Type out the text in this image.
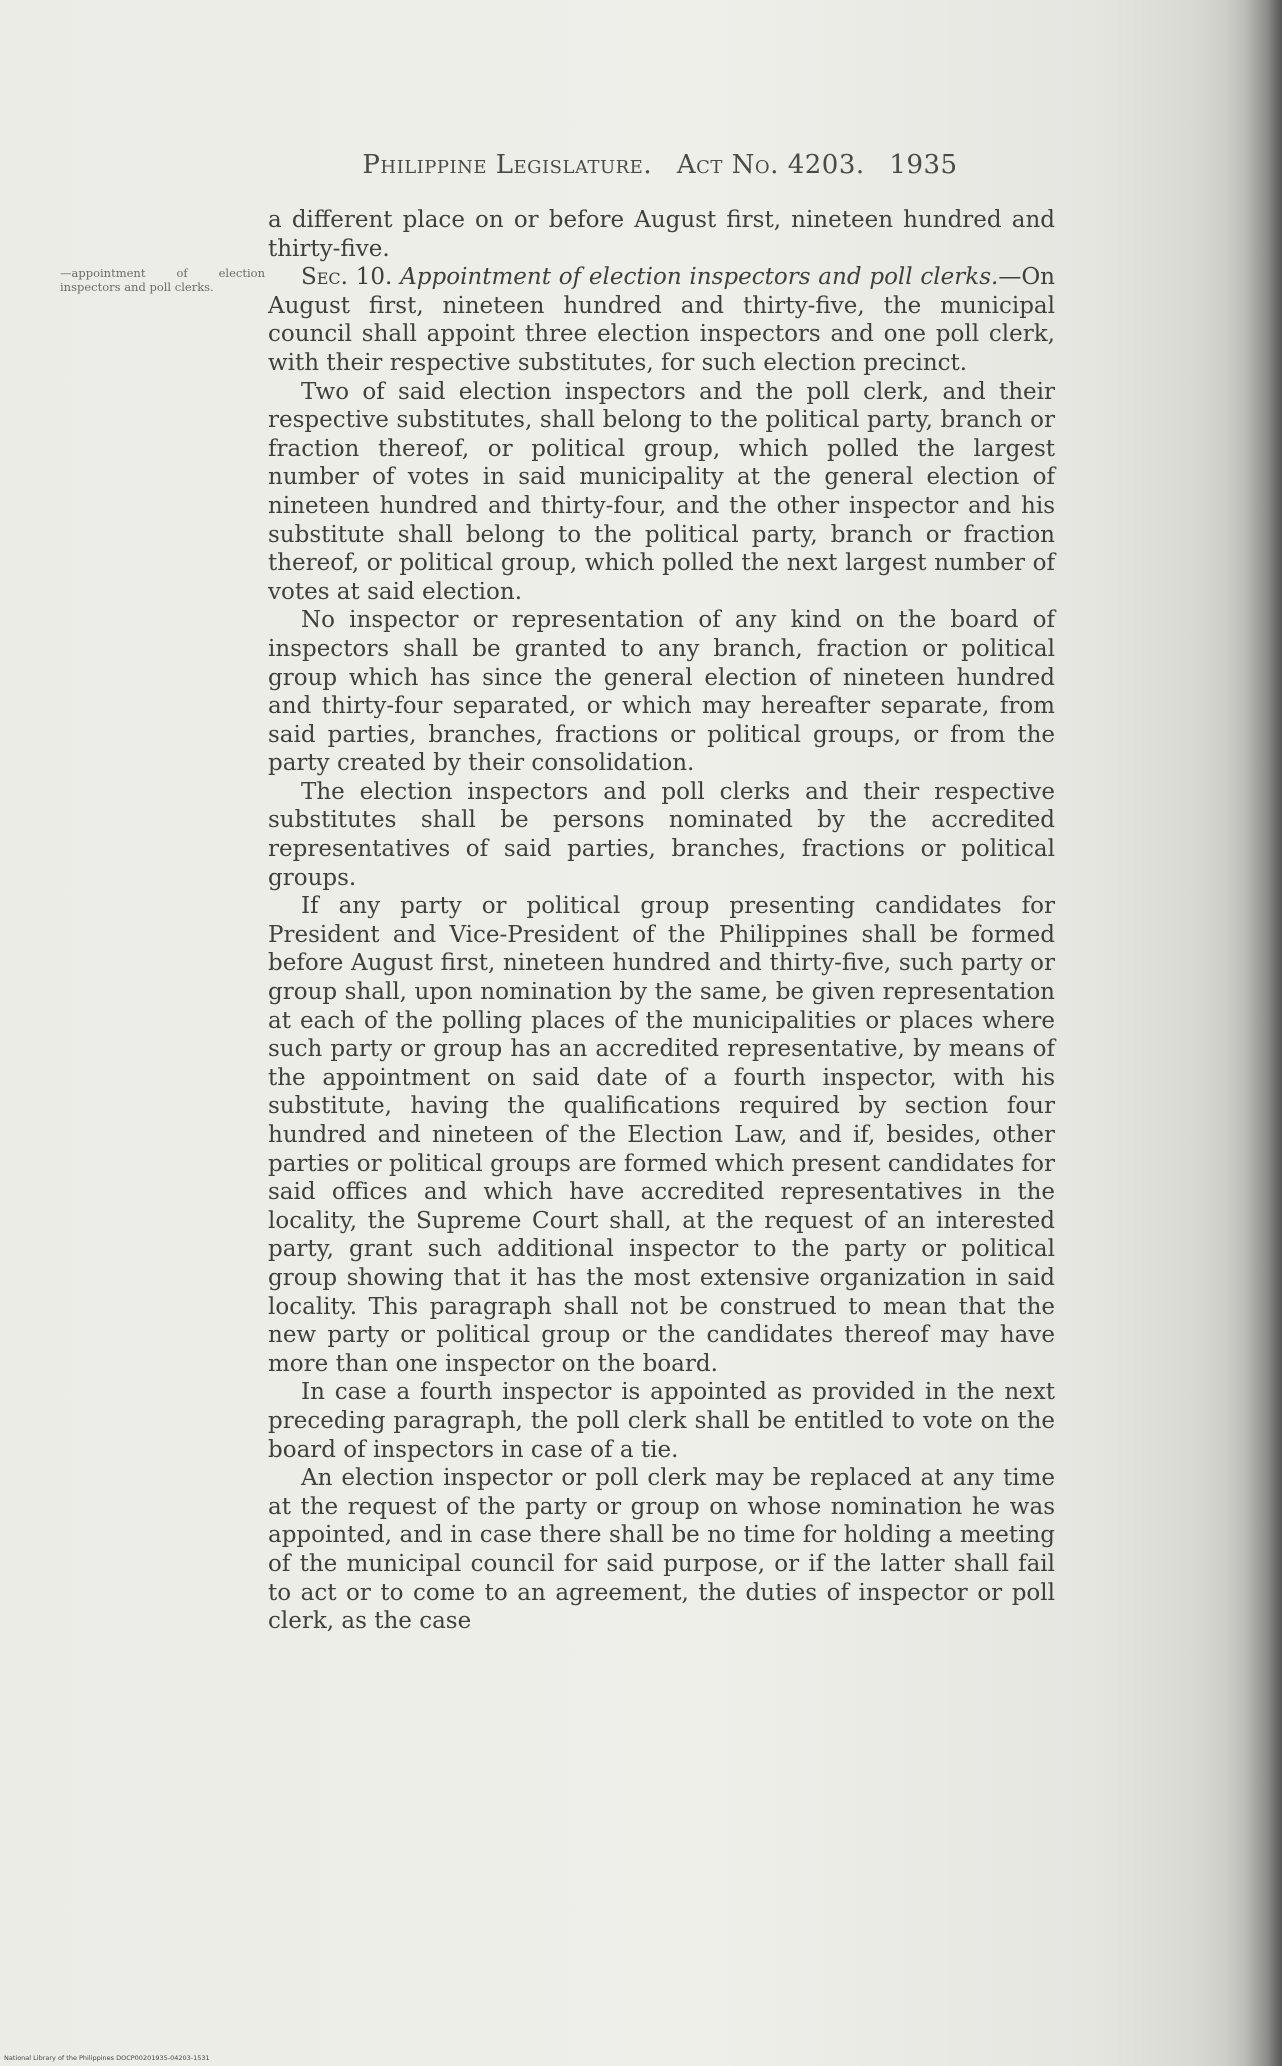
Philippine Legislature. Act No. 4203. 1935
—appointment of election inspectors and poll clerks.

a different place on or before August first, nineteen hundred and thirty-five.

Sec. 10. Appointment of election inspectors and poll clerks.—On August first, nineteen hundred and thirty-five, the municipal council shall appoint three election inspectors and one poll clerk, with their respective substitutes, for such election precinct.

Two of said election inspectors and the poll clerk, and their respective substitutes, shall belong to the political party, branch or fraction thereof, or political group, which polled the largest number of votes in said municipality at the general election of nineteen hundred and thirty-four, and the other inspector and his substitute shall belong to the political party, branch or fraction thereof, or political group, which polled the next largest number of votes at said election.

No inspector or representation of any kind on the board of inspectors shall be granted to any branch, fraction or political group which has since the general election of nineteen hundred and thirty-four separated, or which may hereafter separate, from said parties, branches, fractions or political groups, or from the party created by their consolidation.

The election inspectors and poll clerks and their respective substitutes shall be persons nominated by the accredited representatives of said parties, branches, fractions or political groups.

If any party or political group presenting candidates for President and Vice-President of the Philippines shall be formed before August first, nineteen hundred and thirty-five, such party or group shall, upon nomination by the same, be given representation at each of the polling places of the municipalities or places where such party or group has an accredited representative, by means of the appointment on said date of a fourth inspector, with his substitute, having the qualifications required by section four hundred and nineteen of the Election Law, and if, besides, other parties or political groups are formed which present candidates for said offices and which have accredited representatives in the locality, the Supreme Court shall, at the request of an interested party, grant such additional inspector to the party or political group showing that it has the most extensive organization in said locality. This paragraph shall not be construed to mean that the new party or political group or the candidates thereof may have more than one inspector on the board.

In case a fourth inspector is appointed as provided in the next preceding paragraph, the poll clerk shall be entitled to vote on the board of inspectors in case of a tie.

An election inspector or poll clerk may be replaced at any time at the request of the party or group on whose nomination he was appointed, and in case there shall be no time for holding a meeting of the municipal council for said purpose, or if the latter shall fail to act or to come to an agreement, the duties of inspector or poll clerk, as the case

National Library of the Philippines DOCP00201935-04203-1531
